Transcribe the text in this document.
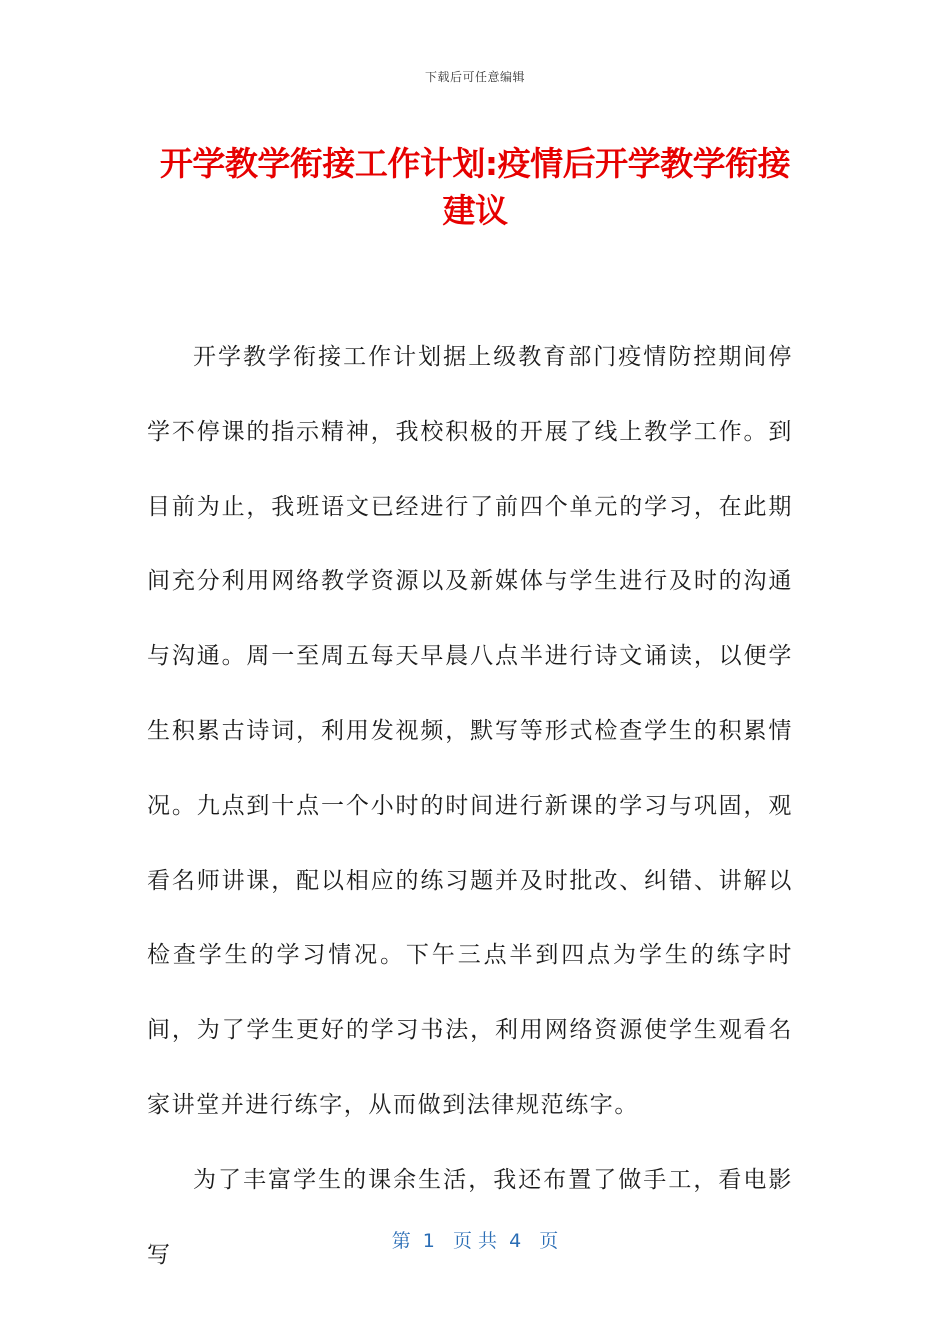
下载后可任意编辑
开学教学衔接工作计划:疫情后开学教学衔接建议

开学教学衔接工作计划据上级教育部门疫情防控期间停学不停课的指示精神，我校积极的开展了线上教学工作。到目前为止，我班语文已经进行了前四个单元的学习，在此期间充分利用网络教学资源以及新媒体与学生进行及时的沟通与沟通。周一至周五每天早晨八点半进行诗文诵读，以便学生积累古诗词，利用发视频，默写等形式检查学生的积累情况。九点到十点一个小时的时间进行新课的学习与巩固，观看名师讲课，配以相应的练习题并及时批改、纠错、讲解以检查学生的学习情况。下午三点半到四点为学生的练字时间，为了学生更好的学习书法，利用网络资源使学生观看名家讲堂并进行练字，从而做到法律规范练字。

为了丰富学生的课余生活，我还布置了做手工，看电影写

第  1   页 共  4   页
